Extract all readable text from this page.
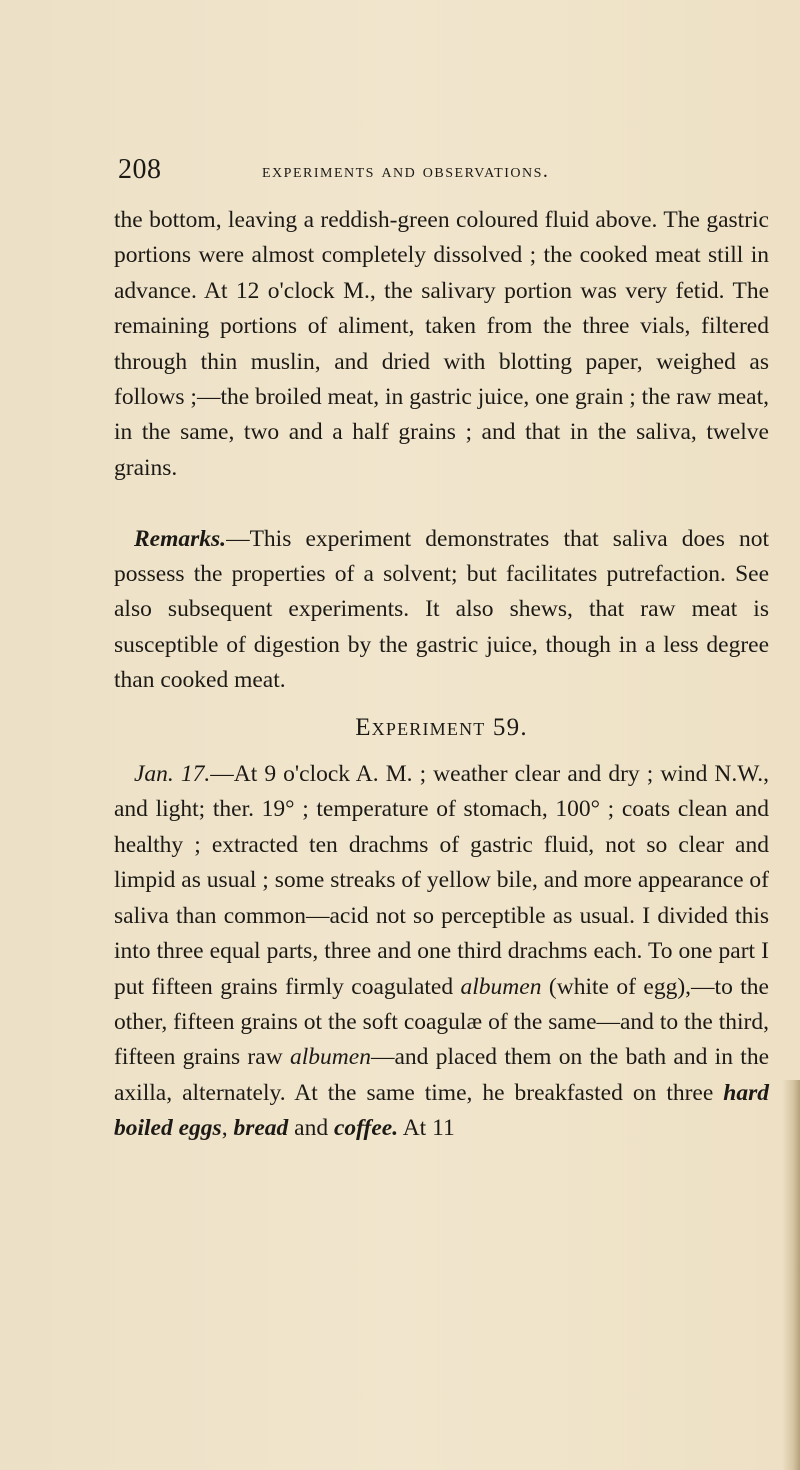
208	experiments and observations.

the bottom, leaving a reddish-green coloured fluid above. The gastric portions were almost completely dissolved ; the cooked meat still in advance. At 12 o'clock M., the salivary portion was very fetid. The remaining portions of aliment, taken from the three vials, filtered through thin muslin, and dried with blotting paper, weighed as follows ;—the broiled meat, in gastric juice, one grain ; the raw meat, in the same, two and a half grains ; and that in the saliva, twelve grains.

Remarks.—This experiment demonstrates that saliva does not possess the properties of a solvent; but facilitates putrefaction. See also subsequent experiments. It also shews, that raw meat is susceptible of digestion by the gastric juice, though in a less degree than cooked meat.

Experiment 59.

Jan. 17.—At 9 o'clock A. M. ; weather clear and dry ; wind N.W., and light; ther. 19° ; temperature of stomach, 100° ; coats clean and healthy ; extracted ten drachms of gastric fluid, not so clear and limpid as usual ; some streaks of yellow bile, and more appearance of saliva than common—acid not so perceptible as usual. I divided this into three equal parts, three and one third drachms each. To one part I put fifteen grains firmly coagulated albumen (white of egg),—to the other, fifteen grains ot the soft coagulæ of the same—and to the third, fifteen grains raw albumen—and placed them on the bath and in the axilla, alternately. At the same time, he breakfasted on three hard boiled eggs, bread and coffee. At 11
